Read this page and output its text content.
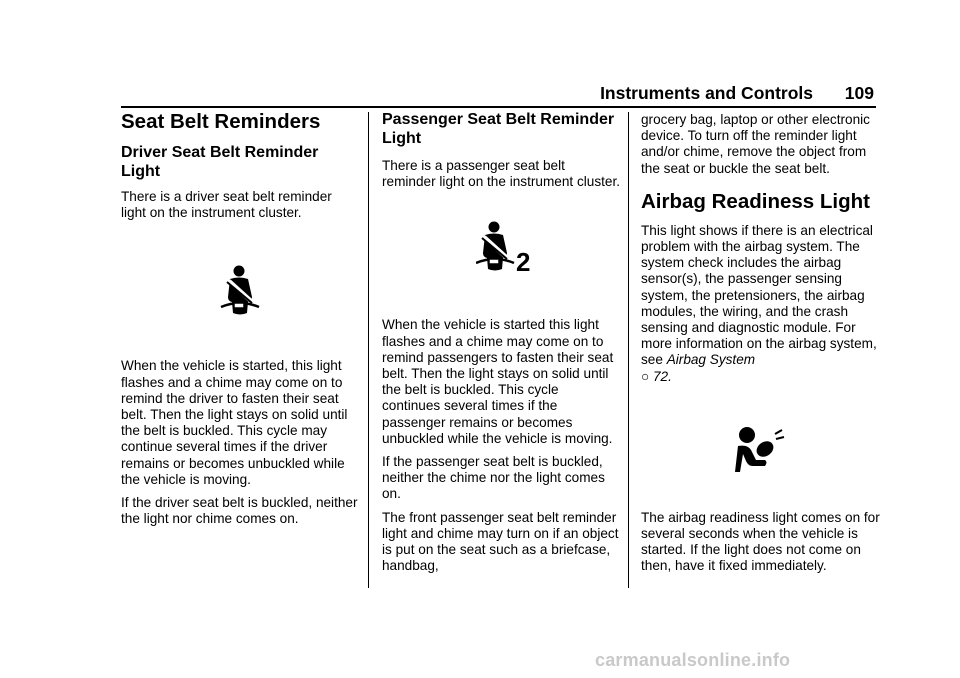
Instruments and Controls 109
Seat Belt Reminders
Driver Seat Belt Reminder Light

There is a driver seat belt reminder light on the instrument cluster.

When the vehicle is started, this light flashes and a chime may come on to remind the driver to fasten their seat belt. Then the light stays on solid until the belt is buckled. This cycle may continue several times if the driver remains or becomes unbuckled while the vehicle is moving.

If the driver seat belt is buckled, neither the light nor chime comes on.

Passenger Seat Belt Reminder Light

There is a passenger seat belt reminder light on the instrument cluster.

2

When the vehicle is started this light flashes and a chime may come on to remind passengers to fasten their seat belt. Then the light stays on solid until the belt is buckled. This cycle continues several times if the passenger remains or becomes unbuckled while the vehicle is moving.

If the passenger seat belt is buckled, neither the chime nor the light comes on.

The front passenger seat belt reminder light and chime may turn on if an object is put on the seat such as a briefcase, handbag,

grocery bag, laptop or other electronic device. To turn off the reminder light and/or chime, remove the object from the seat or buckle the seat belt.

Airbag Readiness Light

This light shows if there is an electrical problem with the airbag system. The system check includes the airbag sensor(s), the passenger sensing system, the pretensioners, the airbag modules, the wiring, and the crash sensing and diagnostic module. For more information on the airbag system, see Airbag System
○ 72.

The airbag readiness light comes on for several seconds when the vehicle is started. If the light does not come on then, have it fixed immediately.

carmanualsonline.info
